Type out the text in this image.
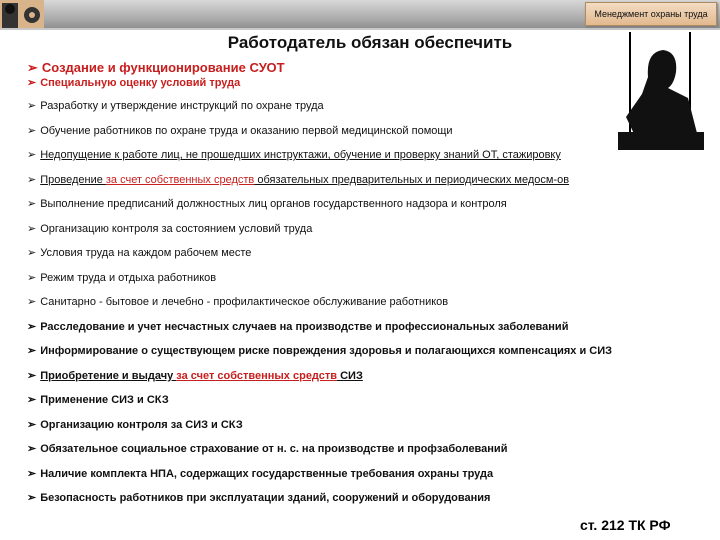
Менеджмент охраны труда
Работодатель обязан обеспечить
➢ Создание и функционирование СУОТ
➢ Специальную оценку условий труда
➢ Разработку и утверждение инструкций по охране труда
➢ Обучение работников по охране труда и оказанию первой медицинской помощи
➢ Недопущение к работе лиц, не прошедших инструктажи, обучение и проверку знаний ОТ, стажировку
➢ Проведение за счет собственных средств обязательных предварительных и периодических медосм-ов
➢ Выполнение предписаний должностных лиц органов государственного надзора и контроля
➢ Организацию контроля за состоянием условий труда
➢ Условия труда на каждом рабочем месте
➢ Режим труда и отдыха работников
➢ Санитарно - бытовое и лечебно - профилактическое обслуживание работников
➢ Расследование и учет несчастных случаев на производстве и профессиональных заболеваний
➢ Информирование о существующем риске повреждения здоровья и полагающихся компенсациях и СИЗ
➢ Приобретение и выдачу за счет собственных средств СИЗ
➢ Применение СИЗ и СКЗ
➢ Организацию контроля за СИЗ и СКЗ
➢ Обязательное социальное страхование от н. с. на производстве и профзаболеваний
➢ Наличие комплекта НПА, содержащих государственные требования охраны труда
➢ Безопасность работников при эксплуатации зданий, сооружений и оборудования
ст. 212 ТК РФ
